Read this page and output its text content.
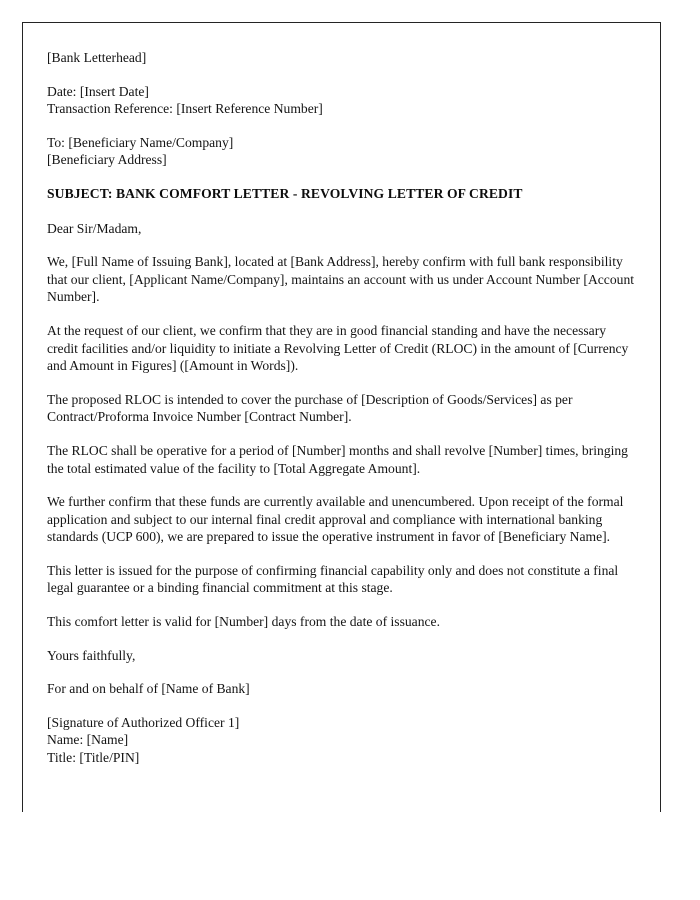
[Bank Letterhead]
Date: [Insert Date]
Transaction Reference: [Insert Reference Number]
To: [Beneficiary Name/Company]
[Beneficiary Address]
SUBJECT: BANK COMFORT LETTER - REVOLVING LETTER OF CREDIT
Dear Sir/Madam,
We, [Full Name of Issuing Bank], located at [Bank Address], hereby confirm with full bank responsibility that our client, [Applicant Name/Company], maintains an account with us under Account Number [Account Number].
At the request of our client, we confirm that they are in good financial standing and have the necessary credit facilities and/or liquidity to initiate a Revolving Letter of Credit (RLOC) in the amount of [Currency and Amount in Figures] ([Amount in Words]).
The proposed RLOC is intended to cover the purchase of [Description of Goods/Services] as per Contract/Proforma Invoice Number [Contract Number].
The RLOC shall be operative for a period of [Number] months and shall revolve [Number] times, bringing the total estimated value of the facility to [Total Aggregate Amount].
We further confirm that these funds are currently available and unencumbered. Upon receipt of the formal application and subject to our internal final credit approval and compliance with international banking standards (UCP 600), we are prepared to issue the operative instrument in favor of [Beneficiary Name].
This letter is issued for the purpose of confirming financial capability only and does not constitute a final legal guarantee or a binding financial commitment at this stage.
This comfort letter is valid for [Number] days from the date of issuance.
Yours faithfully,
For and on behalf of [Name of Bank]
[Signature of Authorized Officer 1]
Name: [Name]
Title: [Title/PIN]
